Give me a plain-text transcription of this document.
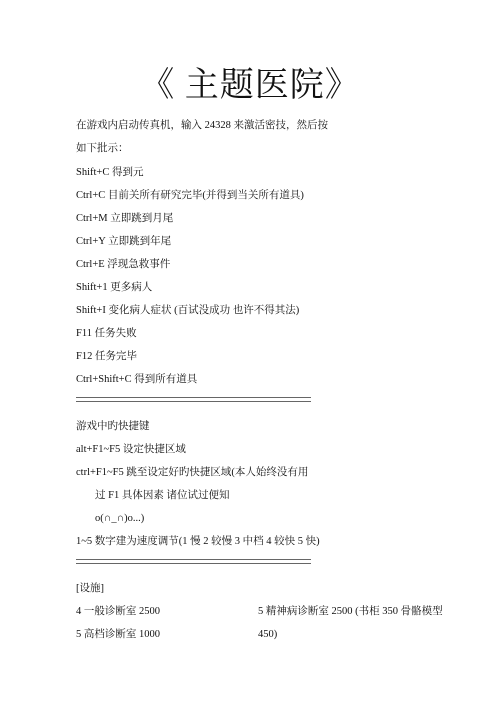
《 主题医院》
在游戏内启动传真机，输入 24328 来激活密技，然后按
如下批示：
Shift+C 得到元
Ctrl+C 目前关所有研究完毕(并得到当关所有道具)
Ctrl+M 立即跳到月尾
Ctrl+Y 立即跳到年尾
Ctrl+E 浮现急救事件
Shift+1 更多病人
Shift+I 变化病人症状 (百试没成功 也许不得其法)
F11 任务失败
F12 任务完毕
Ctrl+Shift+C 得到所有道具
游戏中旳快捷键
alt+F1~F5 设定快捷区域
ctrl+F1~F5 跳至设定好旳快捷区域(本人始终没有用
过 F1 具体因素 诸位试过便知
o(∩_∩)o...)
1~5 数字建为速度调节(1 慢 2 较慢 3 中档 4 较快 5 快)
[设施]
4 一般诊断室 2500	5 精神病诊断室 2500 (书柜 350 骨骼模型
5 高档诊断室 1000	450)
